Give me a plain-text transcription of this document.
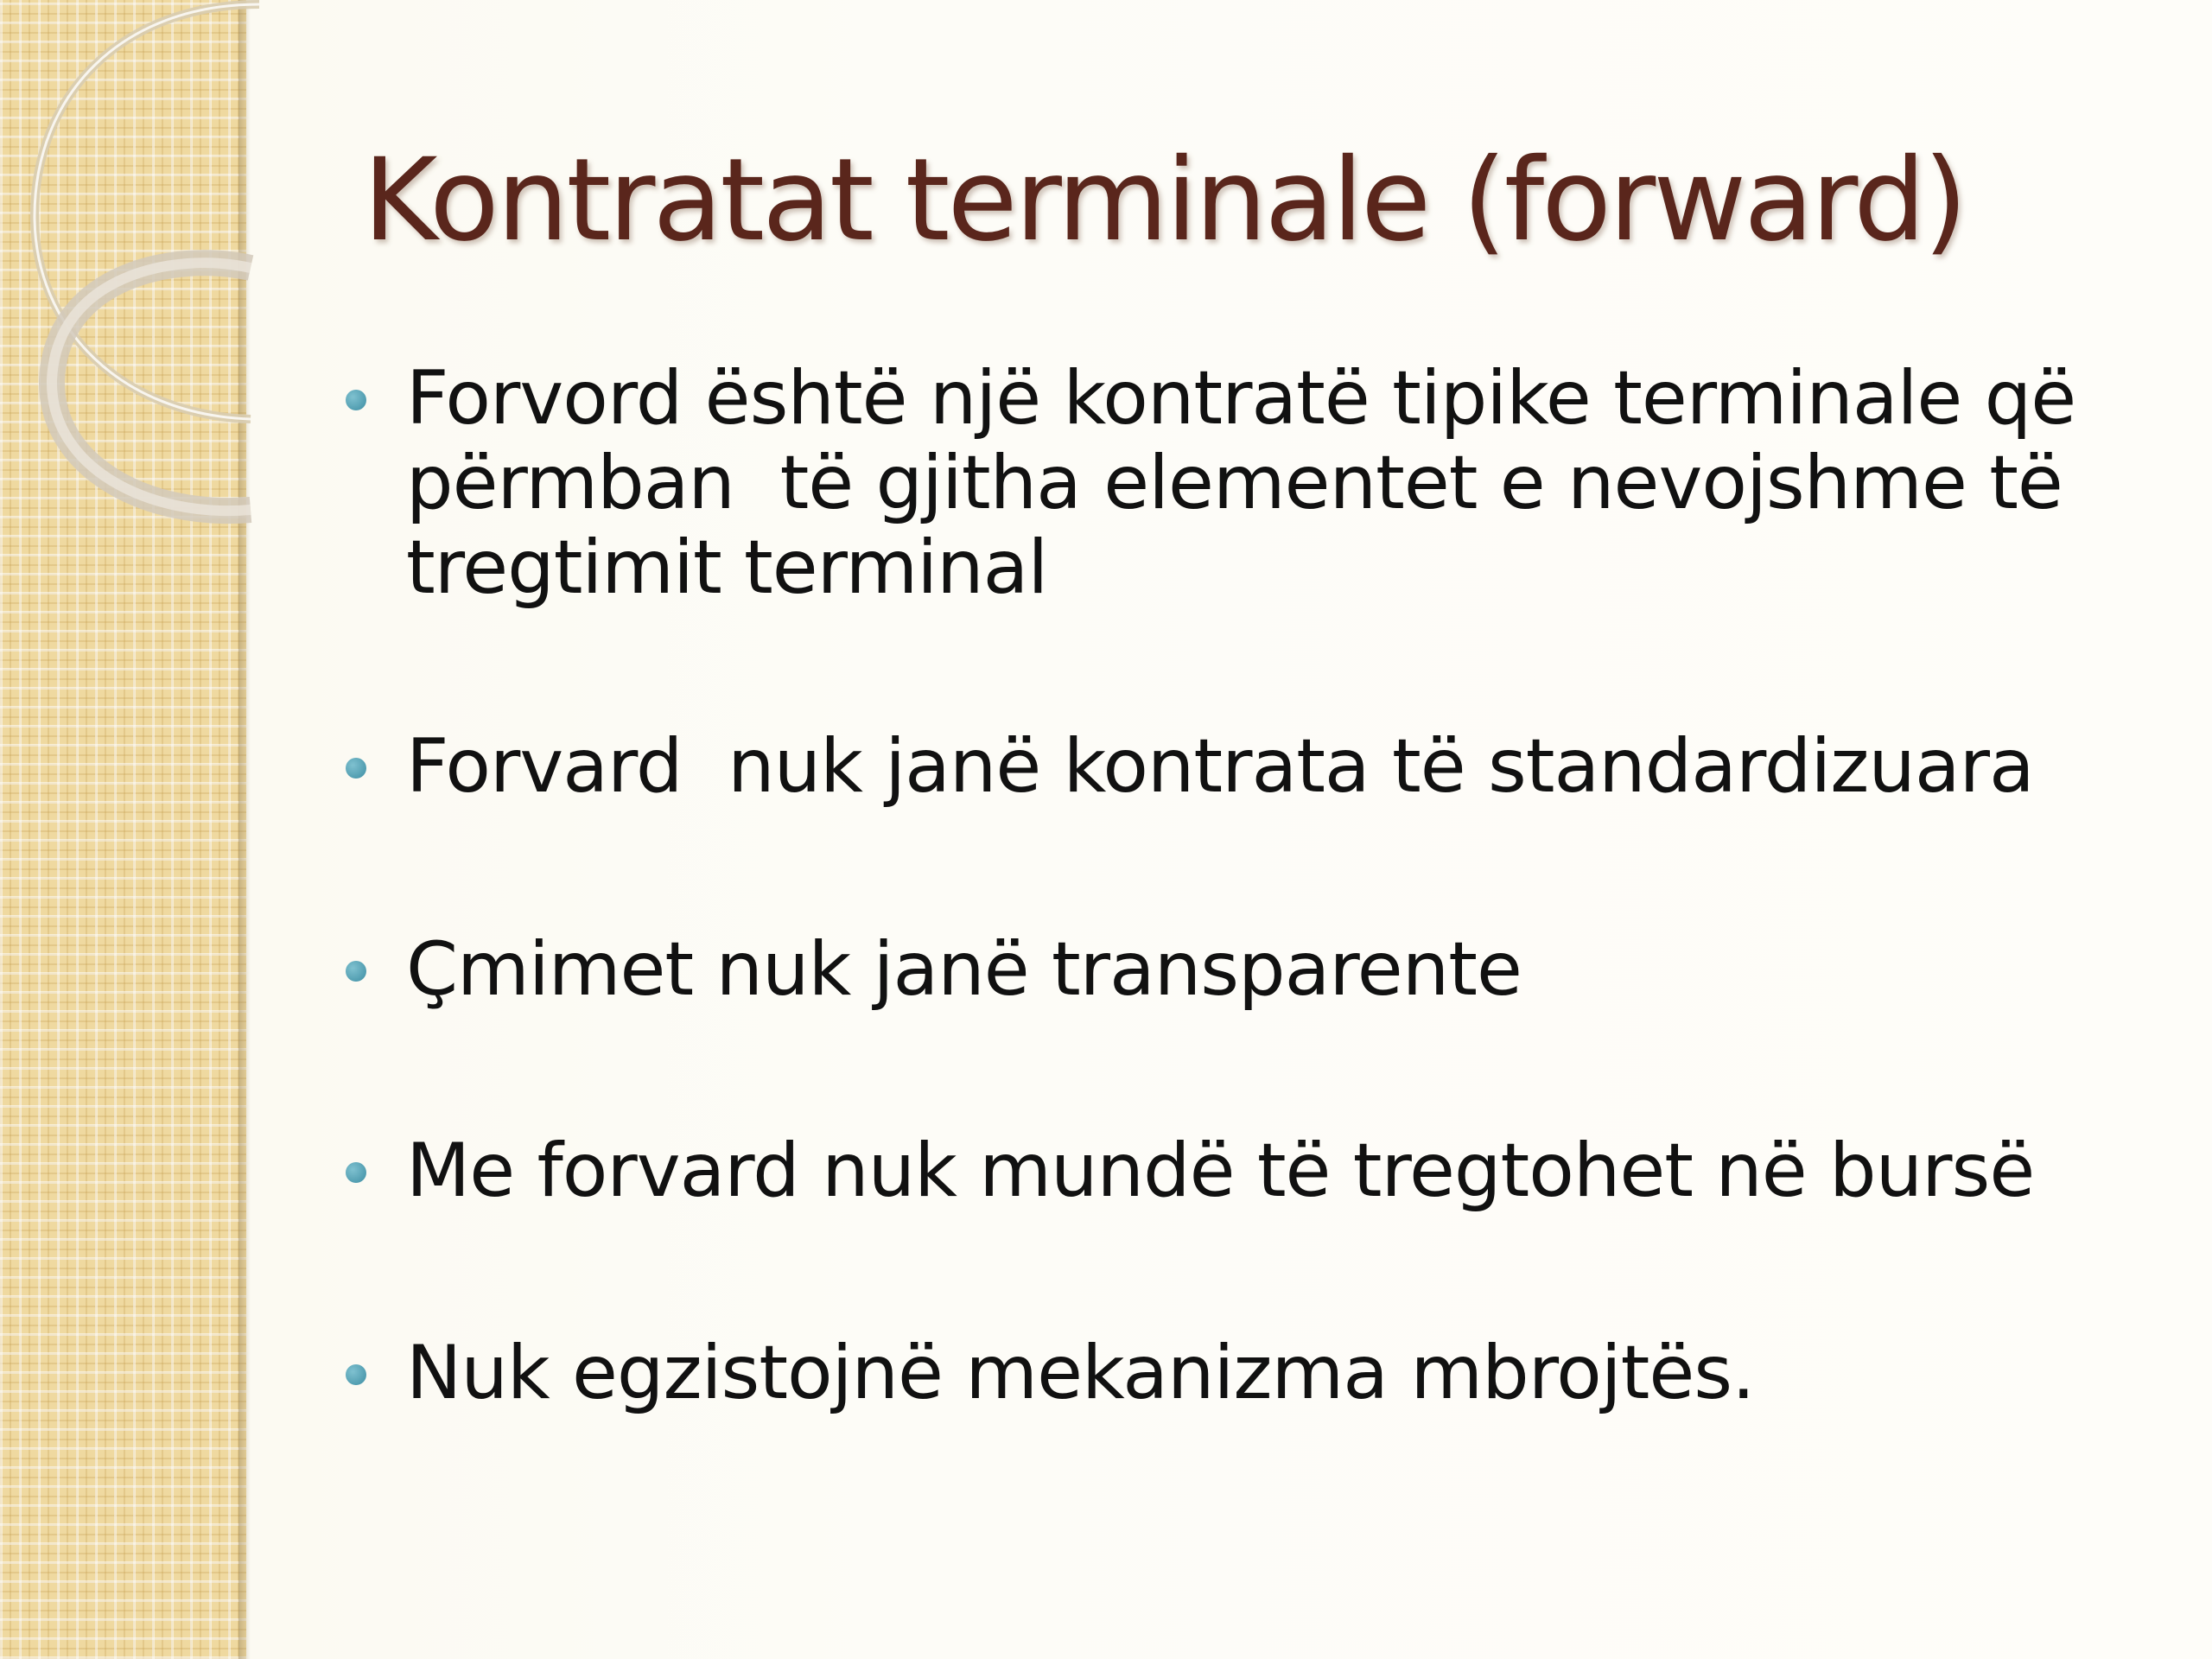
Kontratat terminale (forward)
Forvord është një kontratë tipike terminale që përmban  të gjitha elementet e nevojshme të tregtimit terminal
Forvard  nuk janë kontrata të standardizuara
Çmimet nuk janë transparente
Me forvard nuk mundë të tregtohet në bursë
Nuk egzistojnë mekanizma mbrojtës.
